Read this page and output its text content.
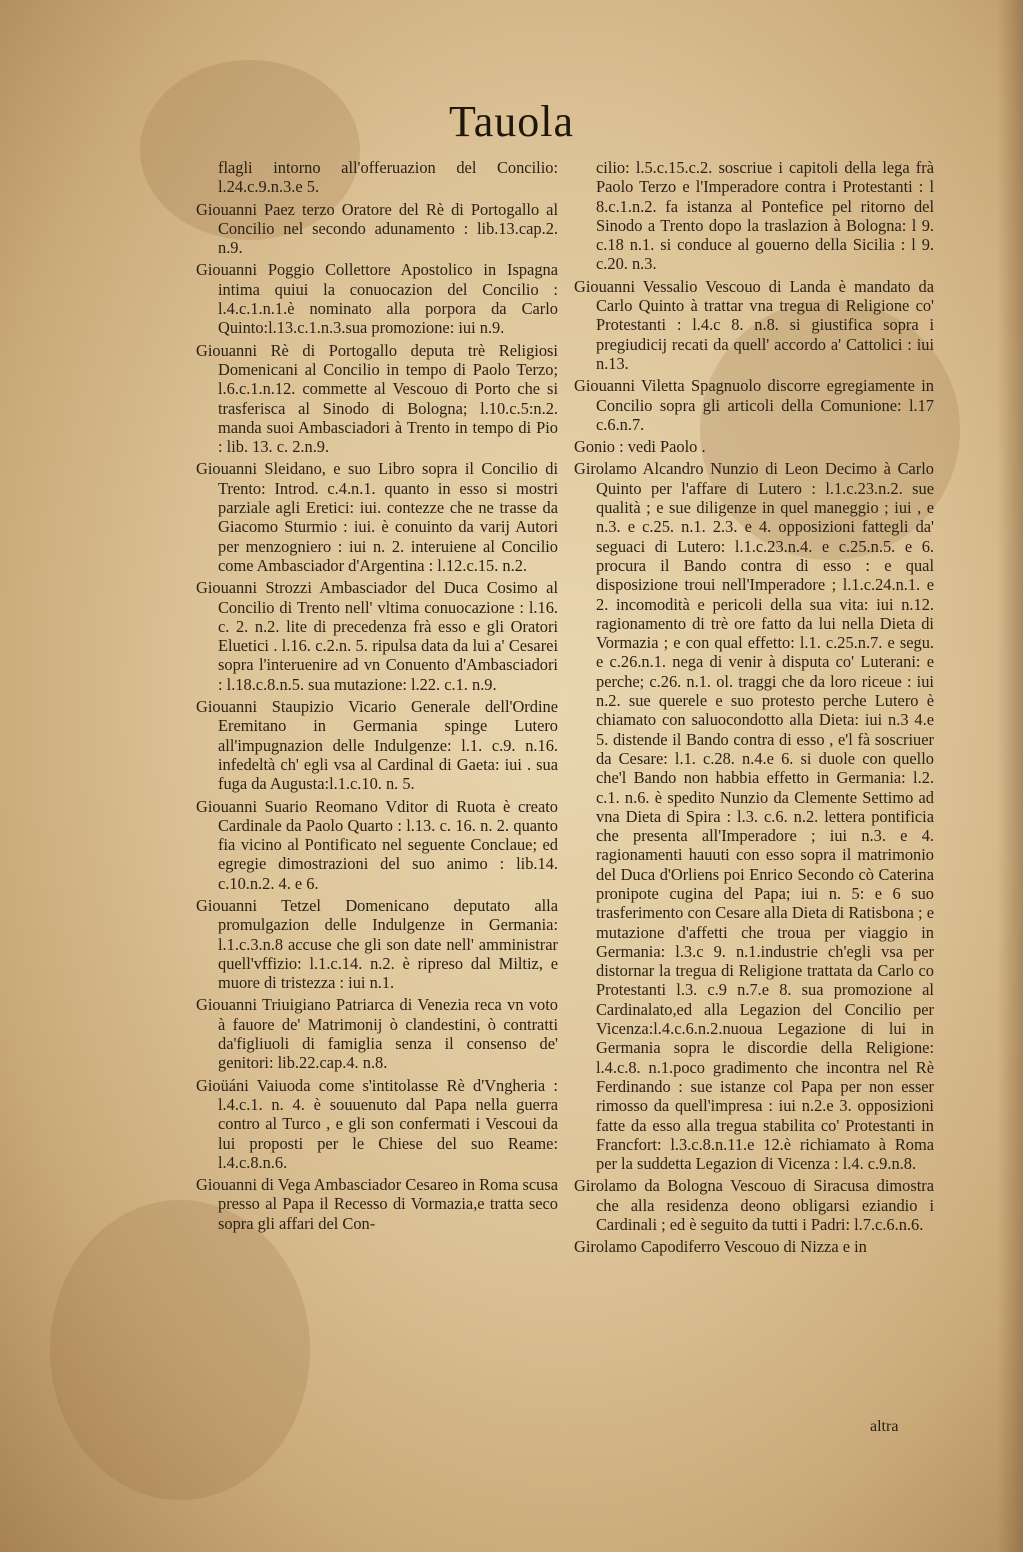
Tauola

flagli intorno all'offeruazion del Concilio: l.24.c.9.n.3.e 5.

Giouanni Paez terzo Oratore del Rè di Portogallo al Concilio nel secondo adunamento : lib.13.cap.2. n.9.

Giouanni Poggio Collettore Apostolico in Ispagna intima quiui la conuocazion del Concilio : l.4.c.1.n.1.è nominato alla porpora da Carlo Quinto:l.13.c.1.n.3.sua promozione: iui n.9.

Giouanni Rè di Portogallo deputa trè Religiosi Domenicani al Concilio in tempo di Paolo Terzo; l.6.c.1.n.12. commette al Vescouo di Porto che si trasferisca al Sinodo di Bologna; l.10.c.5:n.2. manda suoi Ambasciadori à Trento in tempo di Pio : lib. 13. c. 2.n.9.

Giouanni Sleidano, e suo Libro sopra il Concilio di Trento: Introd. c.4.n.1. quanto in esso si mostri parziale agli Eretici: iui. contezze che ne trasse da Giacomo Sturmio : iui. è conuinto da varij Autori per menzogniero : iui n. 2. interuiene al Concilio come Ambasciador d'Argentina : l.12.c.15. n.2.

Giouanni Strozzi Ambasciador del Duca Cosimo al Concilio di Trento nell' vltima conuocazione : l.16. c. 2. n.2. lite di precedenza frà esso e gli Oratori Eluetici . l.16. c.2.n. 5. ripulsa data da lui a' Cesarei sopra l'interuenire ad vn Conuento d'Ambasciadori : l.18.c.8.n.5. sua mutazione: l.22. c.1. n.9.

Giouanni Staupizio Vicario Generale dell'Ordine Eremitano in Germania spinge Lutero all'impugnazion delle Indulgenze: l.1. c.9. n.16. infedeltà ch' egli vsa al Cardinal di Gaeta: iui . sua fuga da Augusta:l.1.c.10. n. 5.

Giouanni Suario Reomano Vditor di Ruota è creato Cardinale da Paolo Quarto : l.13. c. 16. n. 2. quanto fia vicino al Pontificato nel seguente Conclaue; ed egregie dimostrazioni del suo animo : lib.14. c.10.n.2. 4. e 6.

Giouanni Tetzel Domenicano deputato alla promulgazion delle Indulgenze in Germania: l.1.c.3.n.8 accuse che gli son date nell' amministrar quell'vffizio: l.1.c.14. n.2. è ripreso dal Miltiz, e muore di tristezza : iui n.1.

Giouanni Triuigiano Patriarca di Venezia reca vn voto à fauore de' Matrimonij ò clandestini, ò contratti da'figliuoli di famiglia senza il consenso de' genitori: lib.22.cap.4. n.8.

Gioüáni Vaiuoda come s'intitolasse Rè d'Vngheria : l.4.c.1. n. 4. è souuenuto dal Papa nella guerra contro al Turco , e gli son confermati i Vescoui da lui proposti per le Chiese del suo Reame: l.4.c.8.n.6.

Giouanni di Vega Ambasciador Cesareo in Roma scusa presso al Papa il Recesso di Vormazia,e tratta seco sopra gli affari del Con-

cilio: l.5.c.15.c.2. soscriue i capitoli della lega frà Paolo Terzo e l'Imperadore contra i Protestanti : l 8.c.1.n.2. fa istanza al Pontefice pel ritorno del Sinodo a Trento dopo la traslazion à Bologna: l 9. c.18 n.1. si conduce al gouerno della Sicilia : l 9. c.20. n.3.

Giouanni Vessalio Vescouo di Landa è mandato da Carlo Quinto à trattar vna tregua di Religione co' Protestanti : l.4.c 8. n.8. si giustifica sopra i pregiudicij recati da quell' accordo a' Cattolici : iui n.13.

Giouanni Viletta Spagnuolo discorre egregiamente in Concilio sopra gli articoli della Comunione: l.17 c.6.n.7.

Gonio : vedi Paolo .

Girolamo Alcandro Nunzio di Leon Decimo à Carlo Quinto per l'affare di Lutero : l.1.c.23.n.2. sue qualità ; e sue diligenze in quel maneggio ; iui , e n.3. e c.25. n.1. 2.3. e 4. opposizioni fattegli da' seguaci di Lutero: l.1.c.23.n.4. e c.25.n.5. e 6. procura il Bando contra di esso : e qual disposizione troui nell'Imperadore ; l.1.c.24.n.1. e 2. incomodità e pericoli della sua vita: iui n.12. ragionamento di trè ore fatto da lui nella Dieta di Vormazia ; e con qual effetto: l.1. c.25.n.7. e segu. e c.26.n.1. nega di venir à disputa co' Luterani: e perche; c.26. n.1. ol. traggi che da loro riceue : iui n.2. sue querele e suo protesto perche Lutero è chiamato con saluocondotto alla Dieta: iui n.3 4.e 5. distende il Bando contra di esso , e'l fà soscriuer da Cesare: l.1. c.28. n.4.e 6. si duole con quello che'l Bando non habbia effetto in Germania: l.2. c.1. n.6. è spedito Nunzio da Clemente Settimo ad vna Dieta di Spira : l.3. c.6. n.2. lettera pontificia che presenta all'Imperadore ; iui n.3. e 4. ragionamenti hauuti con esso sopra il matrimonio del Duca d'Orliens poi Enrico Secondo cò Caterina pronipote cugina del Papa; iui n. 5: e 6 suo trasferimento con Cesare alla Dieta di Ratisbona ; e mutazione d'affetti che troua per viaggio in Germania: l.3.c 9. n.1.industrie ch'egli vsa per distornar la tregua di Religione trattata da Carlo co Protestanti l.3. c.9 n.7.e 8. sua promozione al Cardinalato,ed alla Legazion del Concilio per Vicenza:l.4.c.6.n.2.nuoua Legazione di lui in Germania sopra le discordie della Religione: l.4.c.8. n.1.poco gradimento che incontra nel Rè Ferdinando : sue istanze col Papa per non esser rimosso da quell'impresa : iui n.2.e 3. opposizioni fatte da esso alla tregua stabilita co' Protestanti in Francfort: l.3.c.8.n.11.e 12.è richiamato à Roma per la suddetta Legazion di Vicenza : l.4. c.9.n.8.

Girolamo da Bologna Vescouo di Siracusa dimostra che alla residenza deono obligarsi eziandio i Cardinali ; ed è seguito da tutti i Padri: l.7.c.6.n.6.

Girolamo Capodiferro Vescouo di Nizza e in

altra
